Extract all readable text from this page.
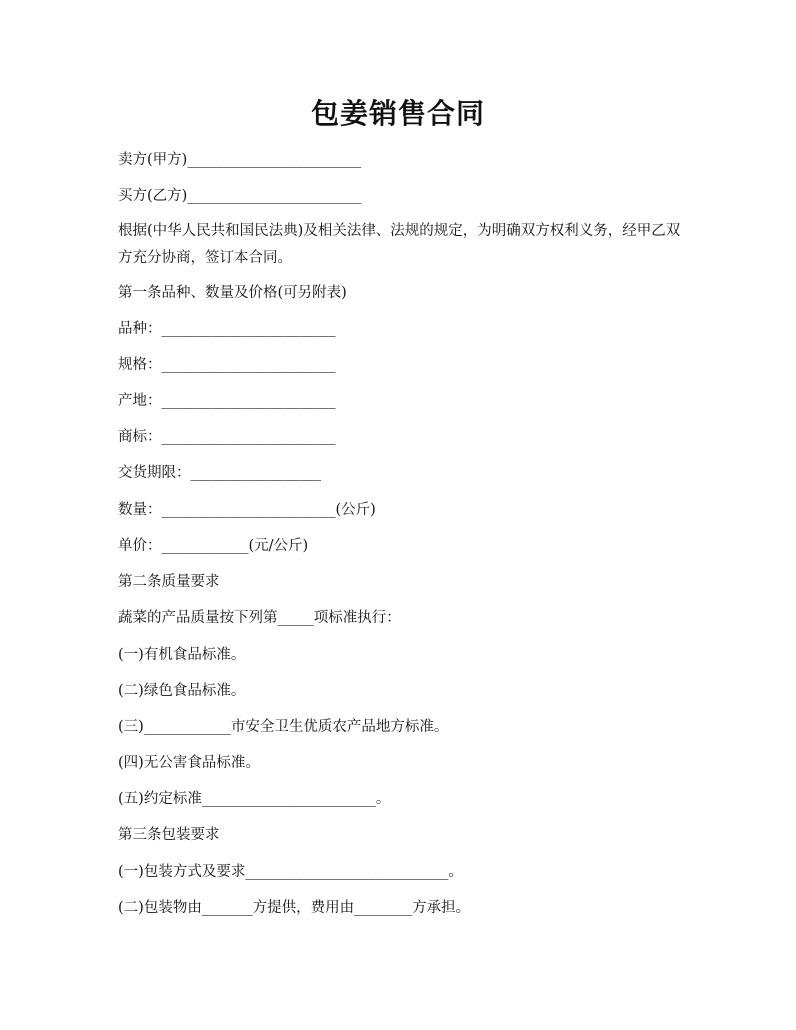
包姜销售合同
卖方(甲方)________________________
买方(乙方)________________________
根据(中华人民共和国民法典)及相关法律、法规的规定，为明确双方权利义务，经甲乙双方充分协商，签订本合同。
第一条品种、数量及价格(可另附表)
品种：________________________
规格：________________________
产地：________________________
商标：________________________
交货期限：__________________
数量：________________________(公斤)
单价：____________(元/公斤)
第二条质量要求
蔬菜的产品质量按下列第_____项标准执行：
(一)有机食品标准。
(二)绿色食品标准。
(三)____________市安全卫生优质农产品地方标准。
(四)无公害食品标准。
(五)约定标准________________________。
第三条包装要求
(一)包装方式及要求____________________________。
(二)包装物由_______方提供，费用由________方承担。
